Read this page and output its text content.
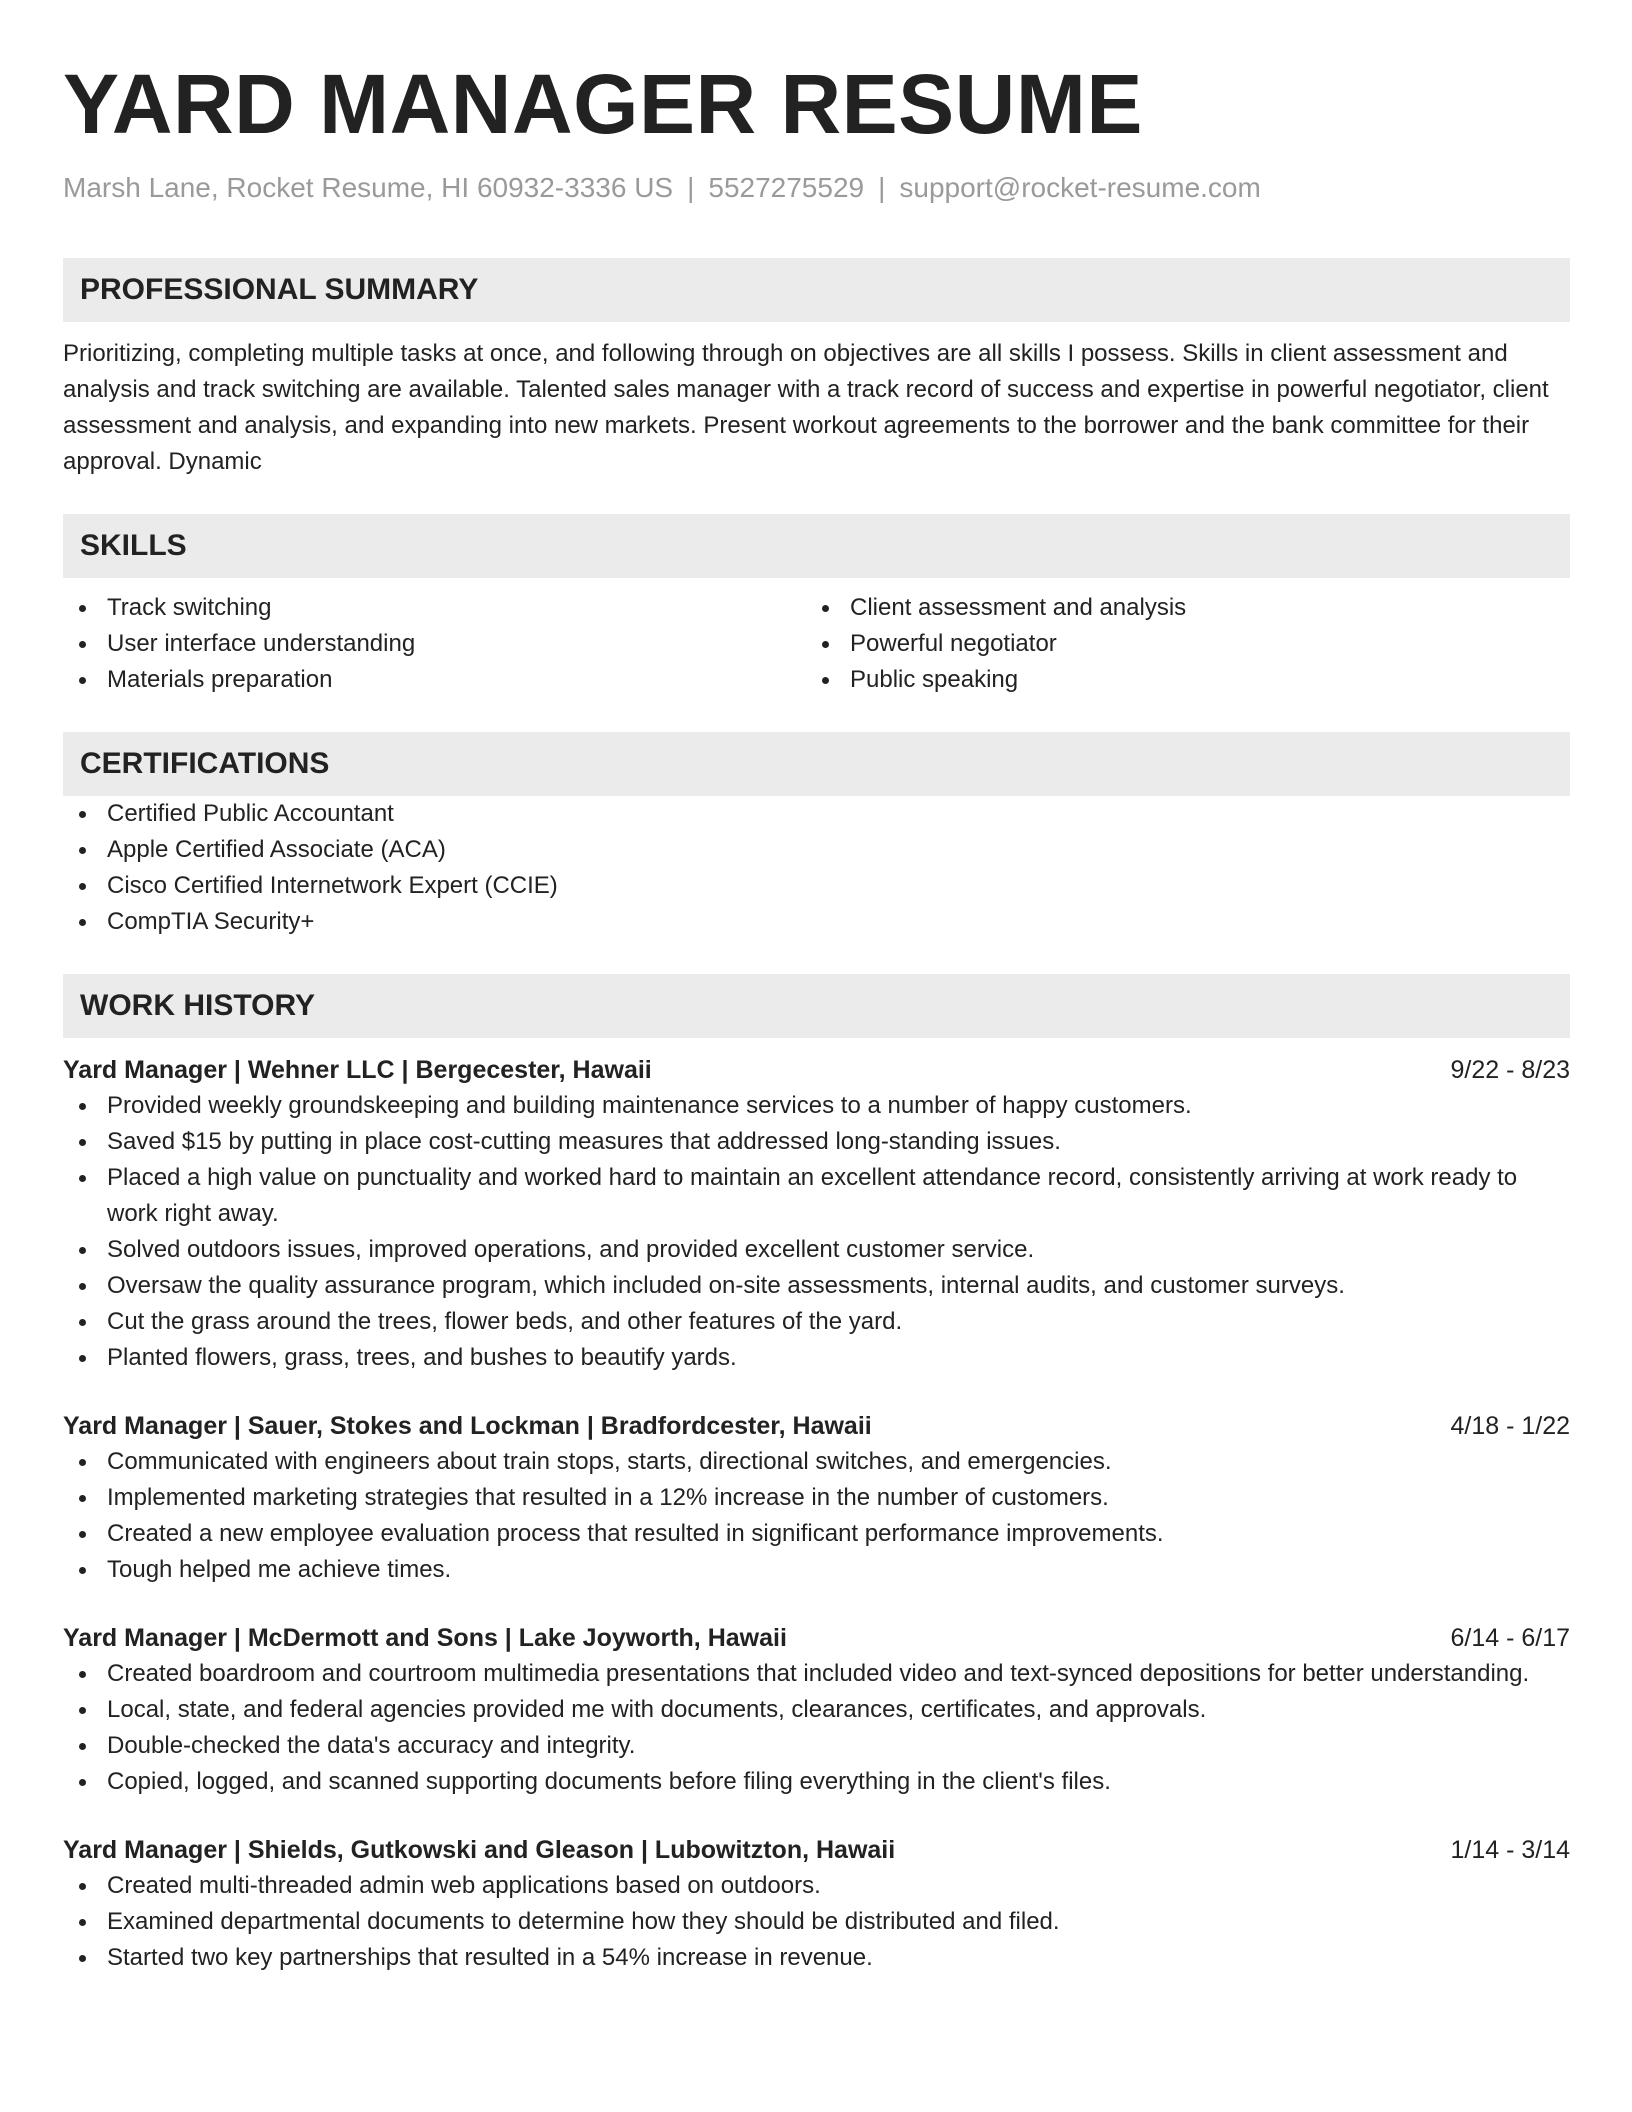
YARD MANAGER RESUME
Marsh Lane, Rocket Resume, HI 60932-3336 US | 5527275529 | support@rocket-resume.com
PROFESSIONAL SUMMARY

Prioritizing, completing multiple tasks at once, and following through on objectives are all skills I possess. Skills in client assessment and analysis and track switching are available. Talented sales manager with a track record of success and expertise in powerful negotiator, client assessment and analysis, and expanding into new markets. Present workout agreements to the borrower and the bank committee for their approval. Dynamic

SKILLS
Track switching
User interface understanding
Materials preparation
Client assessment and analysis
Powerful negotiator
Public speaking
CERTIFICATIONS
Certified Public Accountant
Apple Certified Associate (ACA)
Cisco Certified Internetwork Expert (CCIE)
CompTIA Security+
WORK HISTORY
Yard Manager | Wehner LLC | Bergecester, Hawaii	9/22 - 8/23
Provided weekly groundskeeping and building maintenance services to a number of happy customers.
Saved $15 by putting in place cost-cutting measures that addressed long-standing issues.
Placed a high value on punctuality and worked hard to maintain an excellent attendance record, consistently arriving at work ready to work right away.
Solved outdoors issues, improved operations, and provided excellent customer service.
Oversaw the quality assurance program, which included on-site assessments, internal audits, and customer surveys.
Cut the grass around the trees, flower beds, and other features of the yard.
Planted flowers, grass, trees, and bushes to beautify yards.
Yard Manager | Sauer, Stokes and Lockman | Bradfordcester, Hawaii	4/18 - 1/22
Communicated with engineers about train stops, starts, directional switches, and emergencies.
Implemented marketing strategies that resulted in a 12% increase in the number of customers.
Created a new employee evaluation process that resulted in significant performance improvements.
Tough helped me achieve times.
Yard Manager | McDermott and Sons | Lake Joyworth, Hawaii	6/14 - 6/17
Created boardroom and courtroom multimedia presentations that included video and text-synced depositions for better understanding.
Local, state, and federal agencies provided me with documents, clearances, certificates, and approvals.
Double-checked the data's accuracy and integrity.
Copied, logged, and scanned supporting documents before filing everything in the client's files.
Yard Manager | Shields, Gutkowski and Gleason | Lubowitzton, Hawaii	1/14 - 3/14
Created multi-threaded admin web applications based on outdoors.
Examined departmental documents to determine how they should be distributed and filed.
Started two key partnerships that resulted in a 54% increase in revenue.
